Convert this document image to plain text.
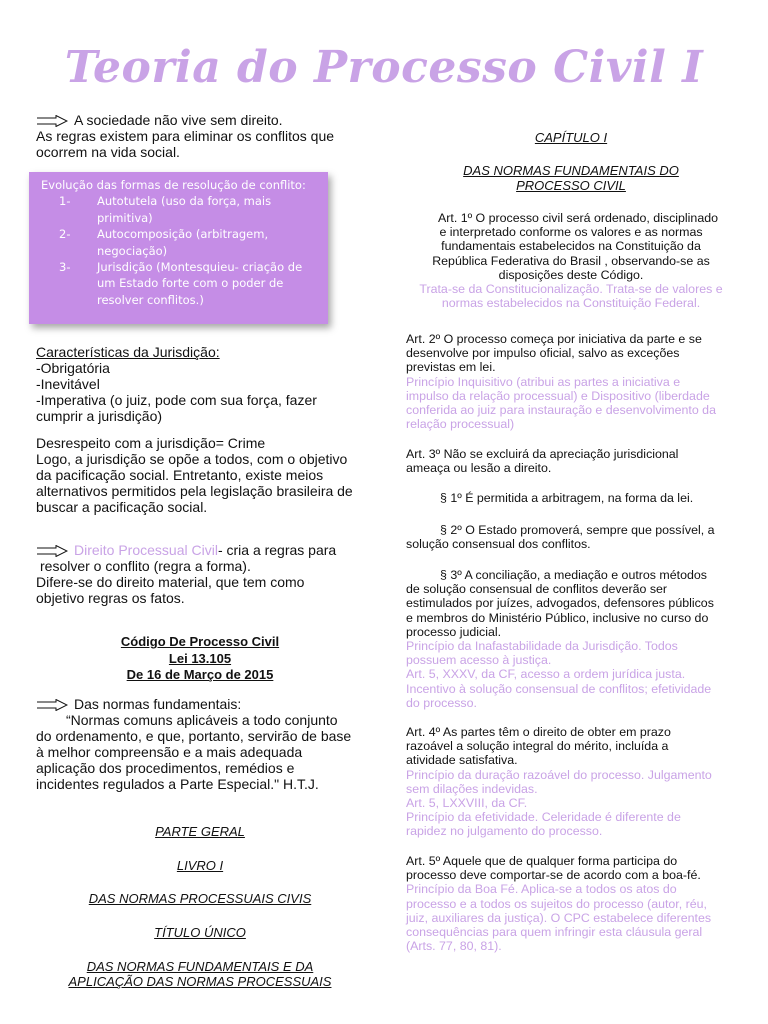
Teoria do Processo Civil I

A sociedade não vive sem direito.

As regras existem para eliminar os conflitos que

ocorrem na vida social.

Evolução das formas de resolução de conflito:
1-	Autotutela (uso da força, mais
primitiva)
2-	Autocomposição (arbitragem,
negociação)
3-	Jurisdição (Montesquieu- criação de
um Estado forte com o poder de
resolver conflitos.)

Características da Jurisdição:

-Obrigatória

-Inevitável

-Imperativa (o juiz, pode com sua força, fazer

cumprir a jurisdição)

Desrespeito com a jurisdição= Crime

Logo, a jurisdição se opõe a todos, com o objetivo

da pacificação social. Entretanto, existe meios

alternativos permitidos pela legislação brasileira de

buscar a pacificação social.

Direito Processual Civil- cria a regras para

resolver o conflito (regra a forma).

Difere-se do direito material, que tem como

objetivo regras os fatos.

Código De Processo Civil

Lei 13.105

De 16 de Março de 2015

Das normas fundamentais:

“Normas comuns aplicáveis a todo conjunto

do ordenamento, e que, portanto, servirão de base

à melhor compreensão e a mais adequada

aplicação dos procedimentos, remédios e

incidentes regulados a Parte Especial." H.T.J.

PARTE GERAL

LIVRO I

DAS NORMAS PROCESSUAIS CIVIS

TÍTULO ÚNICO

DAS NORMAS FUNDAMENTAIS E DA

APLICAÇÃO DAS NORMAS PROCESSUAIS

CAPÍTULO I

DAS NORMAS FUNDAMENTAIS DO

PROCESSO CIVIL

Art. 1º O processo civil será ordenado, disciplinado

e interpretado conforme os valores e as normas

fundamentais estabelecidos na Constituição da

República Federativa do Brasil , observando-se as

disposições deste Código.

Trata-se da Constitucionalização. Trata-se de valores e

normas estabelecidos na Constituição Federal.

Art. 2º O processo começa por iniciativa da parte e se

desenvolve por impulso oficial, salvo as exceções

previstas em lei.

Princípio Inquisitivo (atribui as partes a iniciativa e

impulso da relação processual) e Dispositivo (liberdade

conferida ao juiz para instauração e desenvolvimento da

relação processual)

Art. 3º Não se excluirá da apreciação jurisdicional

ameaça ou lesão a direito.

§ 1º É permitida a arbitragem, na forma da lei.

§ 2º O Estado promoverá, sempre que possível, a

solução consensual dos conflitos.

§ 3º A conciliação, a mediação e outros métodos

de solução consensual de conflitos deverão ser

estimulados por juízes, advogados, defensores públicos

e membros do Ministério Público, inclusive no curso do

processo judicial.

Princípio da Inafastabilidade da Jurisdição. Todos

possuem acesso à justiça.

Art. 5, XXXV, da CF, acesso a ordem jurídica justa.

Incentivo à solução consensual de conflitos; efetividade

do processo.

Art. 4º As partes têm o direito de obter em prazo

razoável a solução integral do mérito, incluída a

atividade satisfativa.

Princípio da duração razoável do processo. Julgamento

sem dilações indevidas.

Art. 5, LXXVIII, da CF.

Princípio da efetividade. Celeridade é diferente de

rapidez no julgamento do processo.

Art. 5º Aquele que de qualquer forma participa do

processo deve comportar-se de acordo com a boa-fé.

Princípio da Boa Fé. Aplica-se a todos os atos do

processo e a todos os sujeitos do processo (autor, réu,

juiz, auxiliares da justiça). O CPC estabelece diferentes

consequências para quem infringir esta cláusula geral

(Arts. 77, 80, 81).
